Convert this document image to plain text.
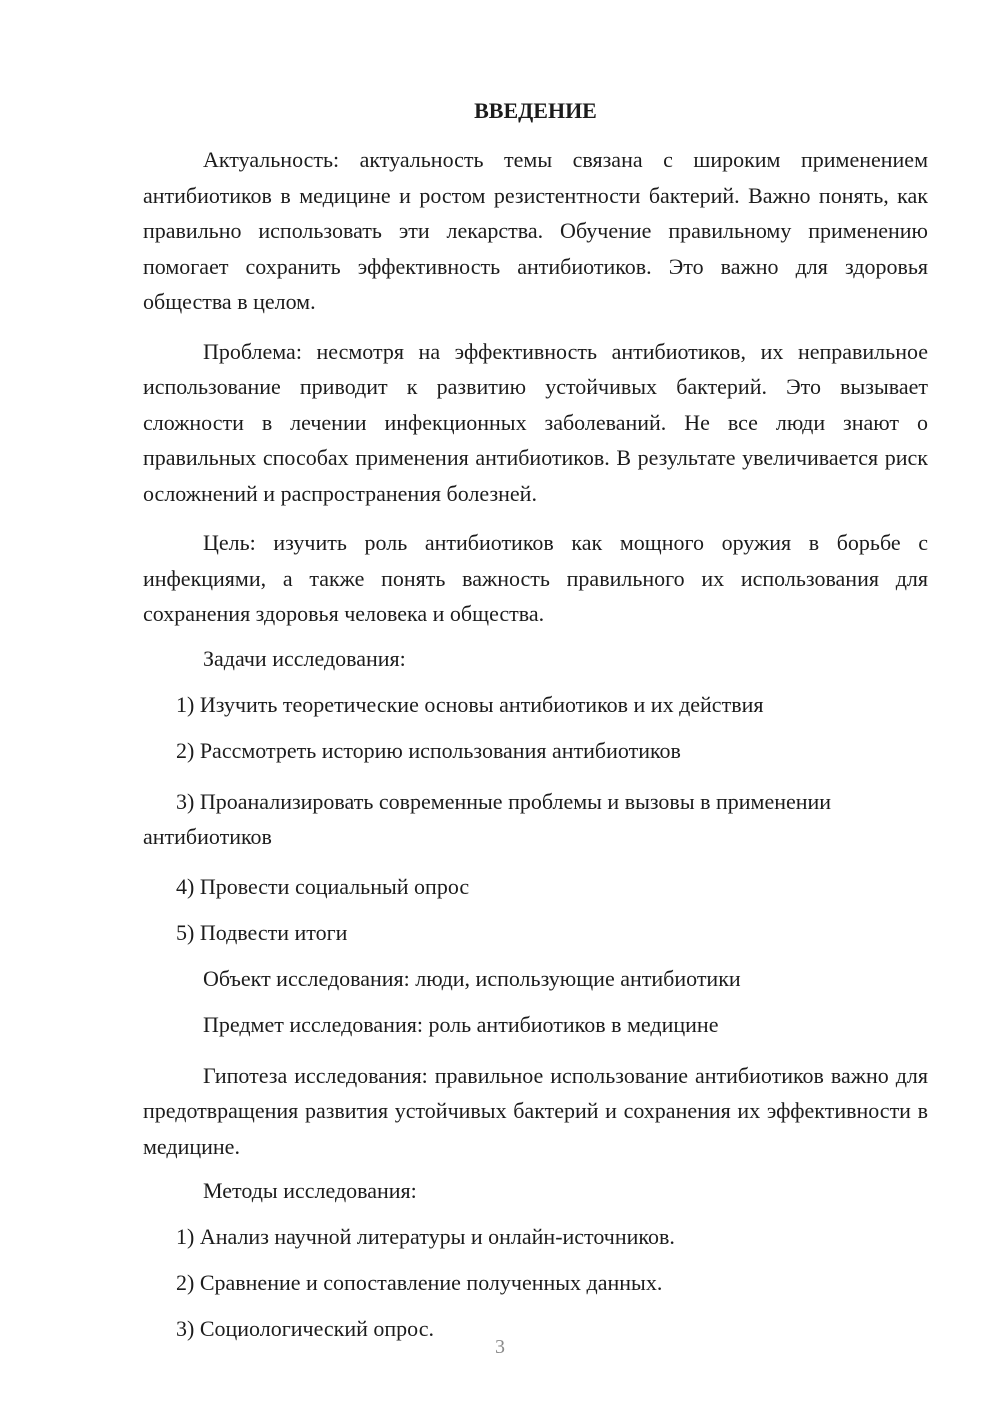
ВВЕДЕНИЕ

Актуальность: актуальность темы связана с широким применением антибиотиков в медицине и ростом резистентности бактерий. Важно понять, как правильно использовать эти лекарства. Обучение правильному применению помогает сохранить эффективность антибиотиков. Это важно для здоровья общества в целом.

Проблема: несмотря на эффективность антибиотиков, их неправильное использование приводит к развитию устойчивых бактерий. Это вызывает сложности в лечении инфекционных заболеваний. Не все люди знают о правильных способах применения антибиотиков. В результате увеличивается риск осложнений и распространения болезней.

Цель: изучить роль антибиотиков как мощного оружия в борьбе с инфекциями, а также понять важность правильного их использования для сохранения здоровья человека и общества.

Задачи исследования:

1) Изучить теоретические основы антибиотиков и их действия

2) Рассмотреть историю использования антибиотиков

3) Проанализировать современные проблемы и вызовы в применении антибиотиков

4) Провести социальный опрос

5) Подвести итоги

Объект исследования: люди, использующие антибиотики

Предмет исследования: роль антибиотиков в медицине

Гипотеза исследования: правильное использование антибиотиков важно для предотвращения развития устойчивых бактерий и сохранения их эффективности в медицине.

Методы исследования:

1) Анализ научной литературы и онлайн-источников.

2) Сравнение и сопоставление полученных данных.

3) Социологический опрос.

3
